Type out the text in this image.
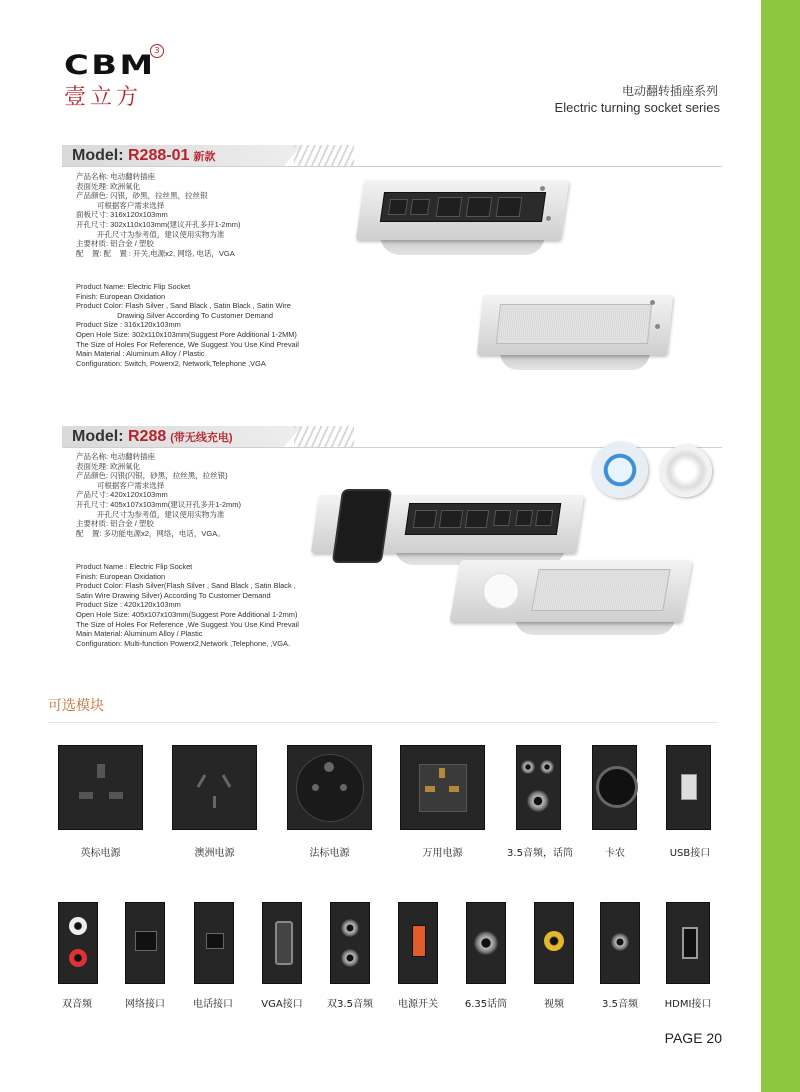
CBM
3
壹立方	电动翻转插座系列
Electric turning socket series
Model: R288-01 新款
产品名称: 电动翻转插座
表面处理: 欧洲氧化
产品颜色: 闪银，砂黑，拉丝黑，拉丝银
可根据客户需求选择
面板尺寸: 316x120x103mm
开孔尺寸: 302x110x103mm(建议开孔多开1-2mm)
开孔尺寸为参考值，建议使用实物为准
主要材质: 铝合金 / 塑胶
配    置: 配    置 : 开关,电源x2, 网络, 电话，VGA
Product Name: Electric Flip Socket
Finish: European Oxidation
Product Color: Flash Silver , Sand Black , Satin Black , Satin Wire
Drawing Silver According To Customer Demand
Product Size : 316x120x103mm
Open Hole Size: 302x110x103mm(Suggest Pore Additional 1-2MM)
The Size of Holes For Reference, We Suggest You Use Kind Prevail
Main Material : Aluminum Alloy / Plastic
Configuration: Switch, Powerx2, Network,Telephone ,VGA
Model: R288 (带无线充电)
产品名称: 电动翻转插座
表面处理: 欧洲氧化
产品颜色: 闪银(闪银，砂黑，拉丝黑，拉丝银)
可根据客户需求选择
产品尺寸: 420x120x103mm
开孔尺寸: 405x107x103mm(建议开孔多开1-2mm)
开孔尺寸为参考值，建议使用实物为准
主要材质: 铝合金 / 塑胶
配    置: 多功能电源x2，网络，电话，VGA。
Product Name : Electric Flip Socket
Finish: European Oxidation
Product Color: Flash Silver(Flash Silver , Sand Black , Satin Black ,
Satin Wire Drawing Silver) According To Customer Demand
Product Size : 420x120x103mm
Open Hole Size: 405x107x103mm(Suggest Pore Additional 1-2mm)
The Size of Holes For Reference ,We Suggest You Use Kind Prevail
Main Material: Aluminum Alloy / Plastic
Configuration: Multi-function Powerx2,Network ,Telephone, ,VGA.
可选模块
英标电源	澳洲电源	法标电源	万用电源	3.5音频，话筒	卡农	USB接口
双音频	网络接口	电话接口	VGA接口	双3.5音频	电源开关	6.35话筒	视频	3.5音频	HDMI接口
PAGE 20
